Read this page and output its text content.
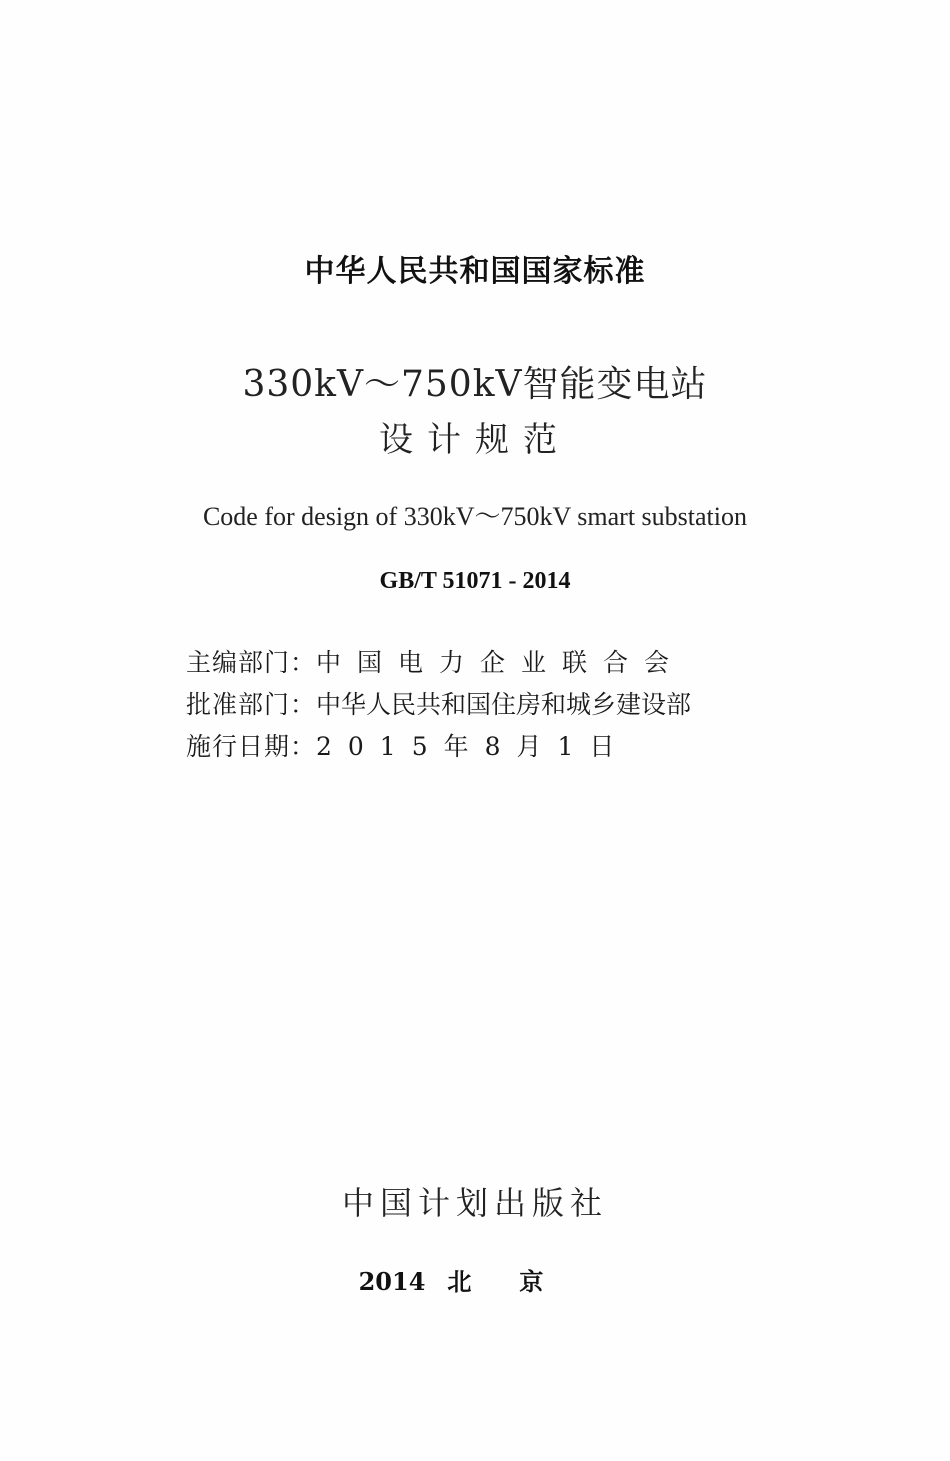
中华人民共和国国家标准

330kV～750kV智能变电站

设计规范

Code for design of 330kV～750kV smart substation

GB/T 51071 - 2014

主编部门： 中国电力企业联合会
批准部门： 中华人民共和国住房和城乡建设部
施行日期： 2015年8月1日

中国计划出版社

2014 北京
